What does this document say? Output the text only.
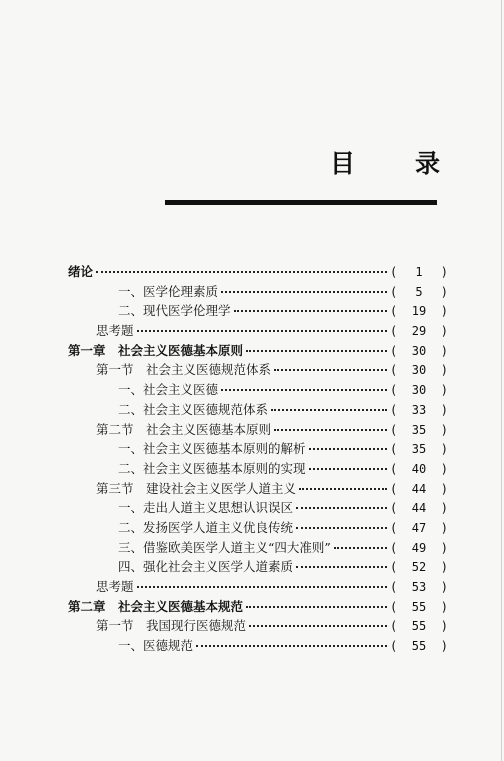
目 录
绪论	(	1	)
一、医学伦理素质	(	5	)
二、现代医学伦理学	(	19	)
思考题	(	29	)
第一章　社会主义医德基本原则	(	30	)
第一节　社会主义医德规范体系	(	30	)
一、社会主义医德	(	30	)
二、社会主义医德规范体系	(	33	)
第二节　社会主义医德基本原则	(	35	)
一、社会主义医德基本原则的解析	(	35	)
二、社会主义医德基本原则的实现	(	40	)
第三节　建设社会主义医学人道主义	(	44	)
一、走出人道主义思想认识误区	(	44	)
二、发扬医学人道主义优良传统	(	47	)
三、借鉴欧美医学人道主义“四大准则”	(	49	)
四、强化社会主义医学人道素质	(	52	)
思考题	(	53	)
第二章　社会主义医德基本规范	(	55	)
第一节　我国现行医德规范	(	55	)
一、医德规范	(	55	)
